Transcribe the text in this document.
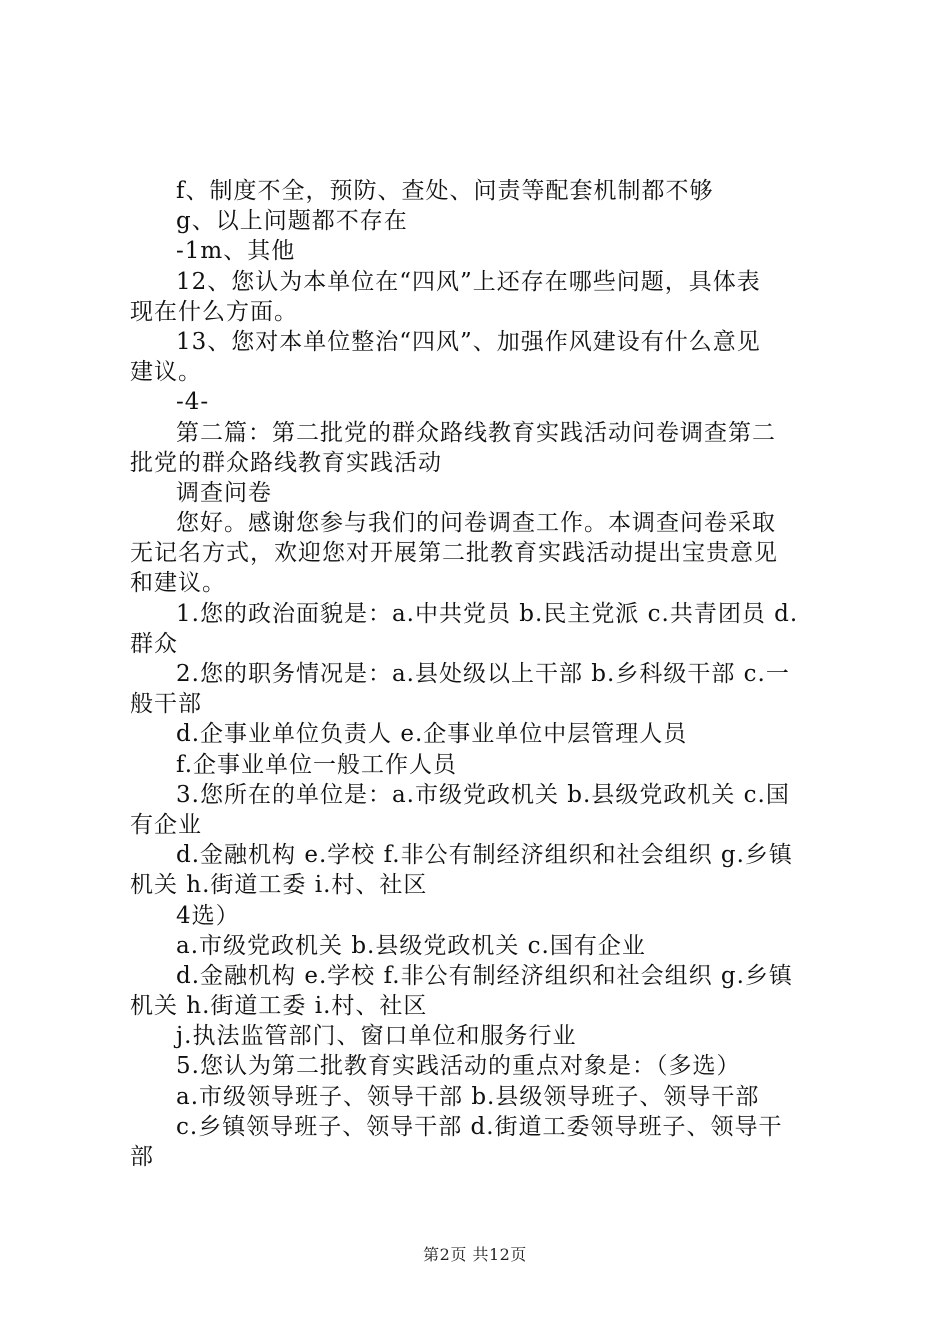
f、制度不全，预防、查处、问责等配套机制都不够
g、以上问题都不存在
-1m、其他
12、您认为本单位在“四风”上还存在哪些问题，具体表
现在什么方面。
13、您对本单位整治“四风”、加强作风建设有什么意见
建议。
-4-
第二篇：第二批党的群众路线教育实践活动问卷调查第二
批党的群众路线教育实践活动
调查问卷
您好。感谢您参与我们的问卷调查工作。本调查问卷采取
无记名方式，欢迎您对开展第二批教育实践活动提出宝贵意见
和建议。
1.您的政治面貌是：a.中共党员 b.民主党派 c.共青团员 d.
群众
2.您的职务情况是：a.县处级以上干部 b.乡科级干部 c.一
般干部
d.企事业单位负责人 e.企事业单位中层管理人员
f.企事业单位一般工作人员
3.您所在的单位是：a.市级党政机关 b.县级党政机关 c.国
有企业
d.金融机构 e.学校 f.非公有制经济组织和社会组织 g.乡镇
机关 h.街道工委 i.村、社区
4选）
a.市级党政机关 b.县级党政机关 c.国有企业
d.金融机构 e.学校 f.非公有制经济组织和社会组织 g.乡镇
机关 h.街道工委 i.村、社区
j.执法监管部门、窗口单位和服务行业
5.您认为第二批教育实践活动的重点对象是：（多选）
a.市级领导班子、领导干部 b.县级领导班子、领导干部
c.乡镇领导班子、领导干部 d.街道工委领导班子、领导干
部
第2页 共12页
